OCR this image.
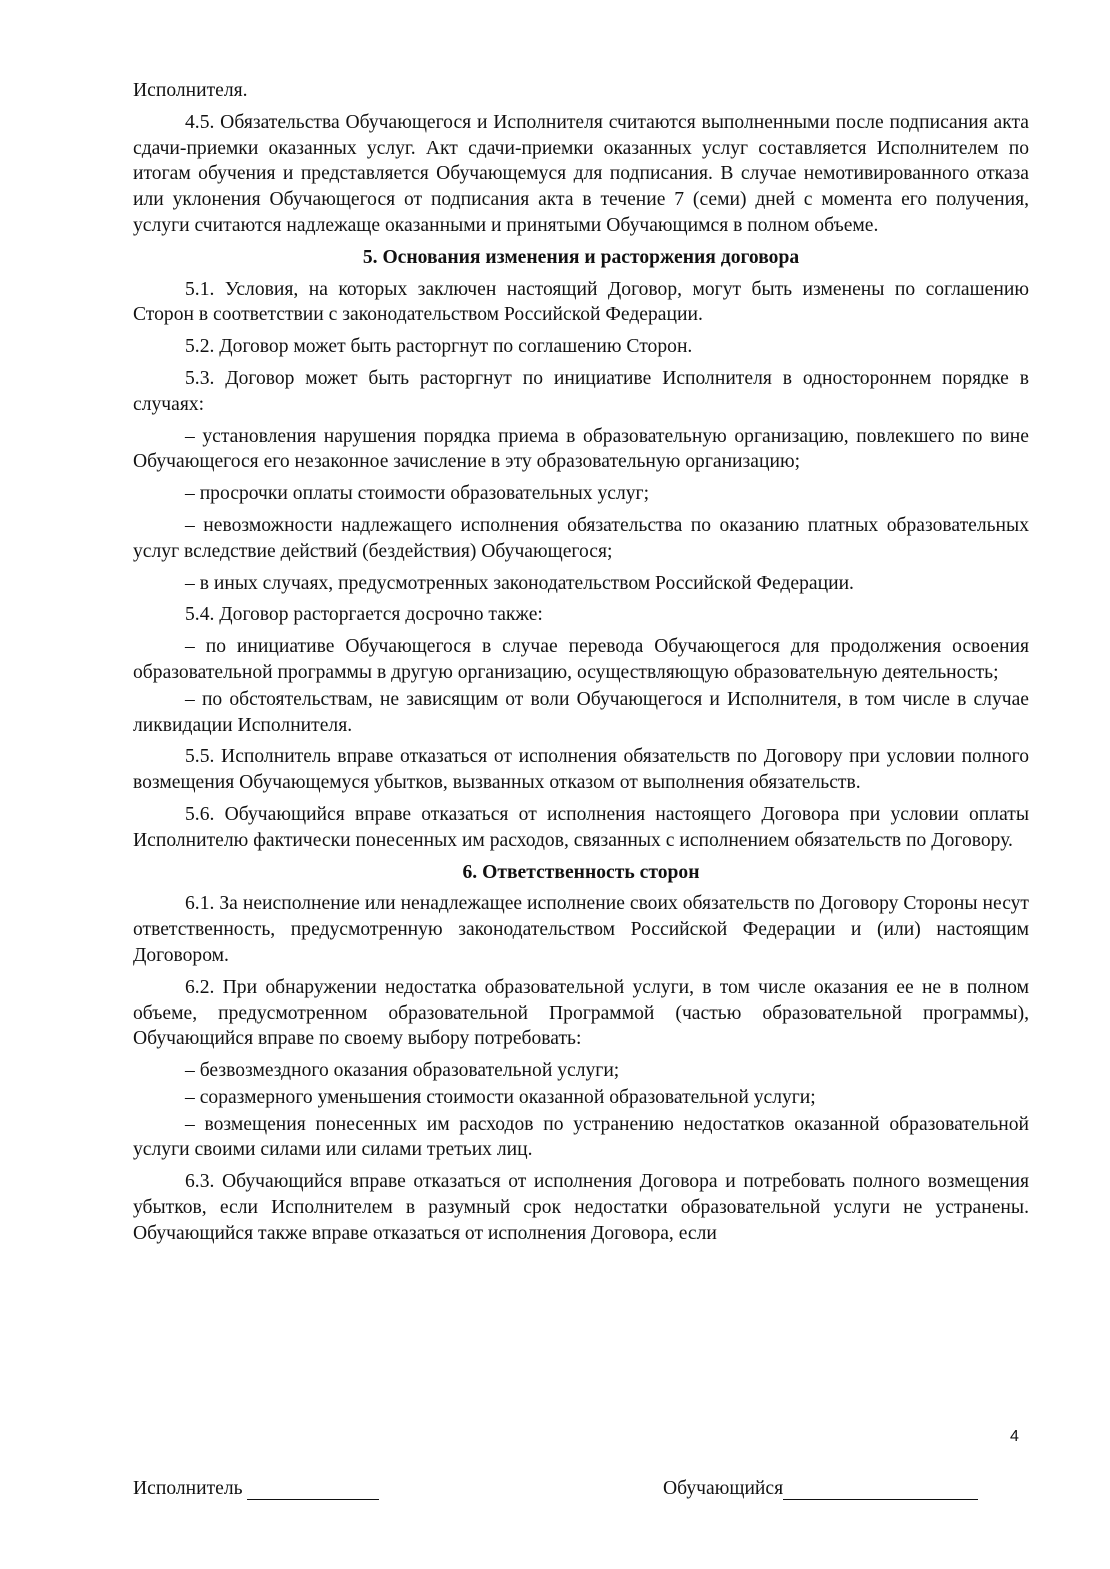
Исполнителя.

4.5. Обязательства Обучающегося и Исполнителя считаются выполненными после подписания акта сдачи-приемки оказанных услуг. Акт сдачи-приемки оказанных услуг составляется Исполнителем по итогам обучения и представляется Обучающемуся для подписания. В случае немотивированного отказа или уклонения Обучающегося от подписания акта в течение 7 (семи) дней с момента его получения, услуги считаются надлежаще оказанными и принятыми Обучающимся в полном объеме.

5. Основания изменения и расторжения договора

5.1. Условия, на которых заключен настоящий Договор, могут быть изменены по соглашению Сторон в соответствии с законодательством Российской Федерации.

5.2. Договор может быть расторгнут по соглашению Сторон.

5.3. Договор может быть расторгнут по инициативе Исполнителя в одностороннем порядке в случаях:

– установления нарушения порядка приема в образовательную организацию, повлекшего по вине Обучающегося его незаконное зачисление в эту образовательную организацию;

– просрочки оплаты стоимости образовательных услуг;

– невозможности надлежащего исполнения обязательства по оказанию платных образовательных услуг вследствие действий (бездействия) Обучающегося;

– в иных случаях, предусмотренных законодательством Российской Федерации.

5.4. Договор расторгается досрочно также:

– по инициативе Обучающегося в случае перевода Обучающегося для продолжения освоения образовательной программы в другую организацию, осуществляющую образовательную деятельность;

– по обстоятельствам, не зависящим от воли Обучающегося и Исполнителя, в том числе в случае ликвидации Исполнителя.

5.5. Исполнитель вправе отказаться от исполнения обязательств по Договору при условии полного возмещения Обучающемуся убытков, вызванных отказом от выполнения обязательств.

5.6. Обучающийся вправе отказаться от исполнения настоящего Договора при условии оплаты Исполнителю фактически понесенных им расходов, связанных с исполнением обязательств по Договору.

6. Ответственность сторон

6.1. За неисполнение или ненадлежащее исполнение своих обязательств по Договору Стороны несут ответственность, предусмотренную законодательством Российской Федерации и (или) настоящим Договором.

6.2. При обнаружении недостатка образовательной услуги, в том числе оказания ее не в полном объеме, предусмотренном образовательной Программой (частью образовательной программы), Обучающийся вправе по своему выбору потребовать:

– безвозмездного оказания образовательной услуги;

– соразмерного уменьшения стоимости оказанной образовательной услуги;

– возмещения понесенных им расходов по устранению недостатков оказанной образовательной услуги своими силами или силами третьих лиц.

6.3. Обучающийся вправе отказаться от исполнения Договора и потребовать полного возмещения убытков, если Исполнителем в разумный срок недостатки образовательной услуги не устранены. Обучающийся также вправе отказаться от исполнения Договора, если

4
Исполнитель	Обучающийся
